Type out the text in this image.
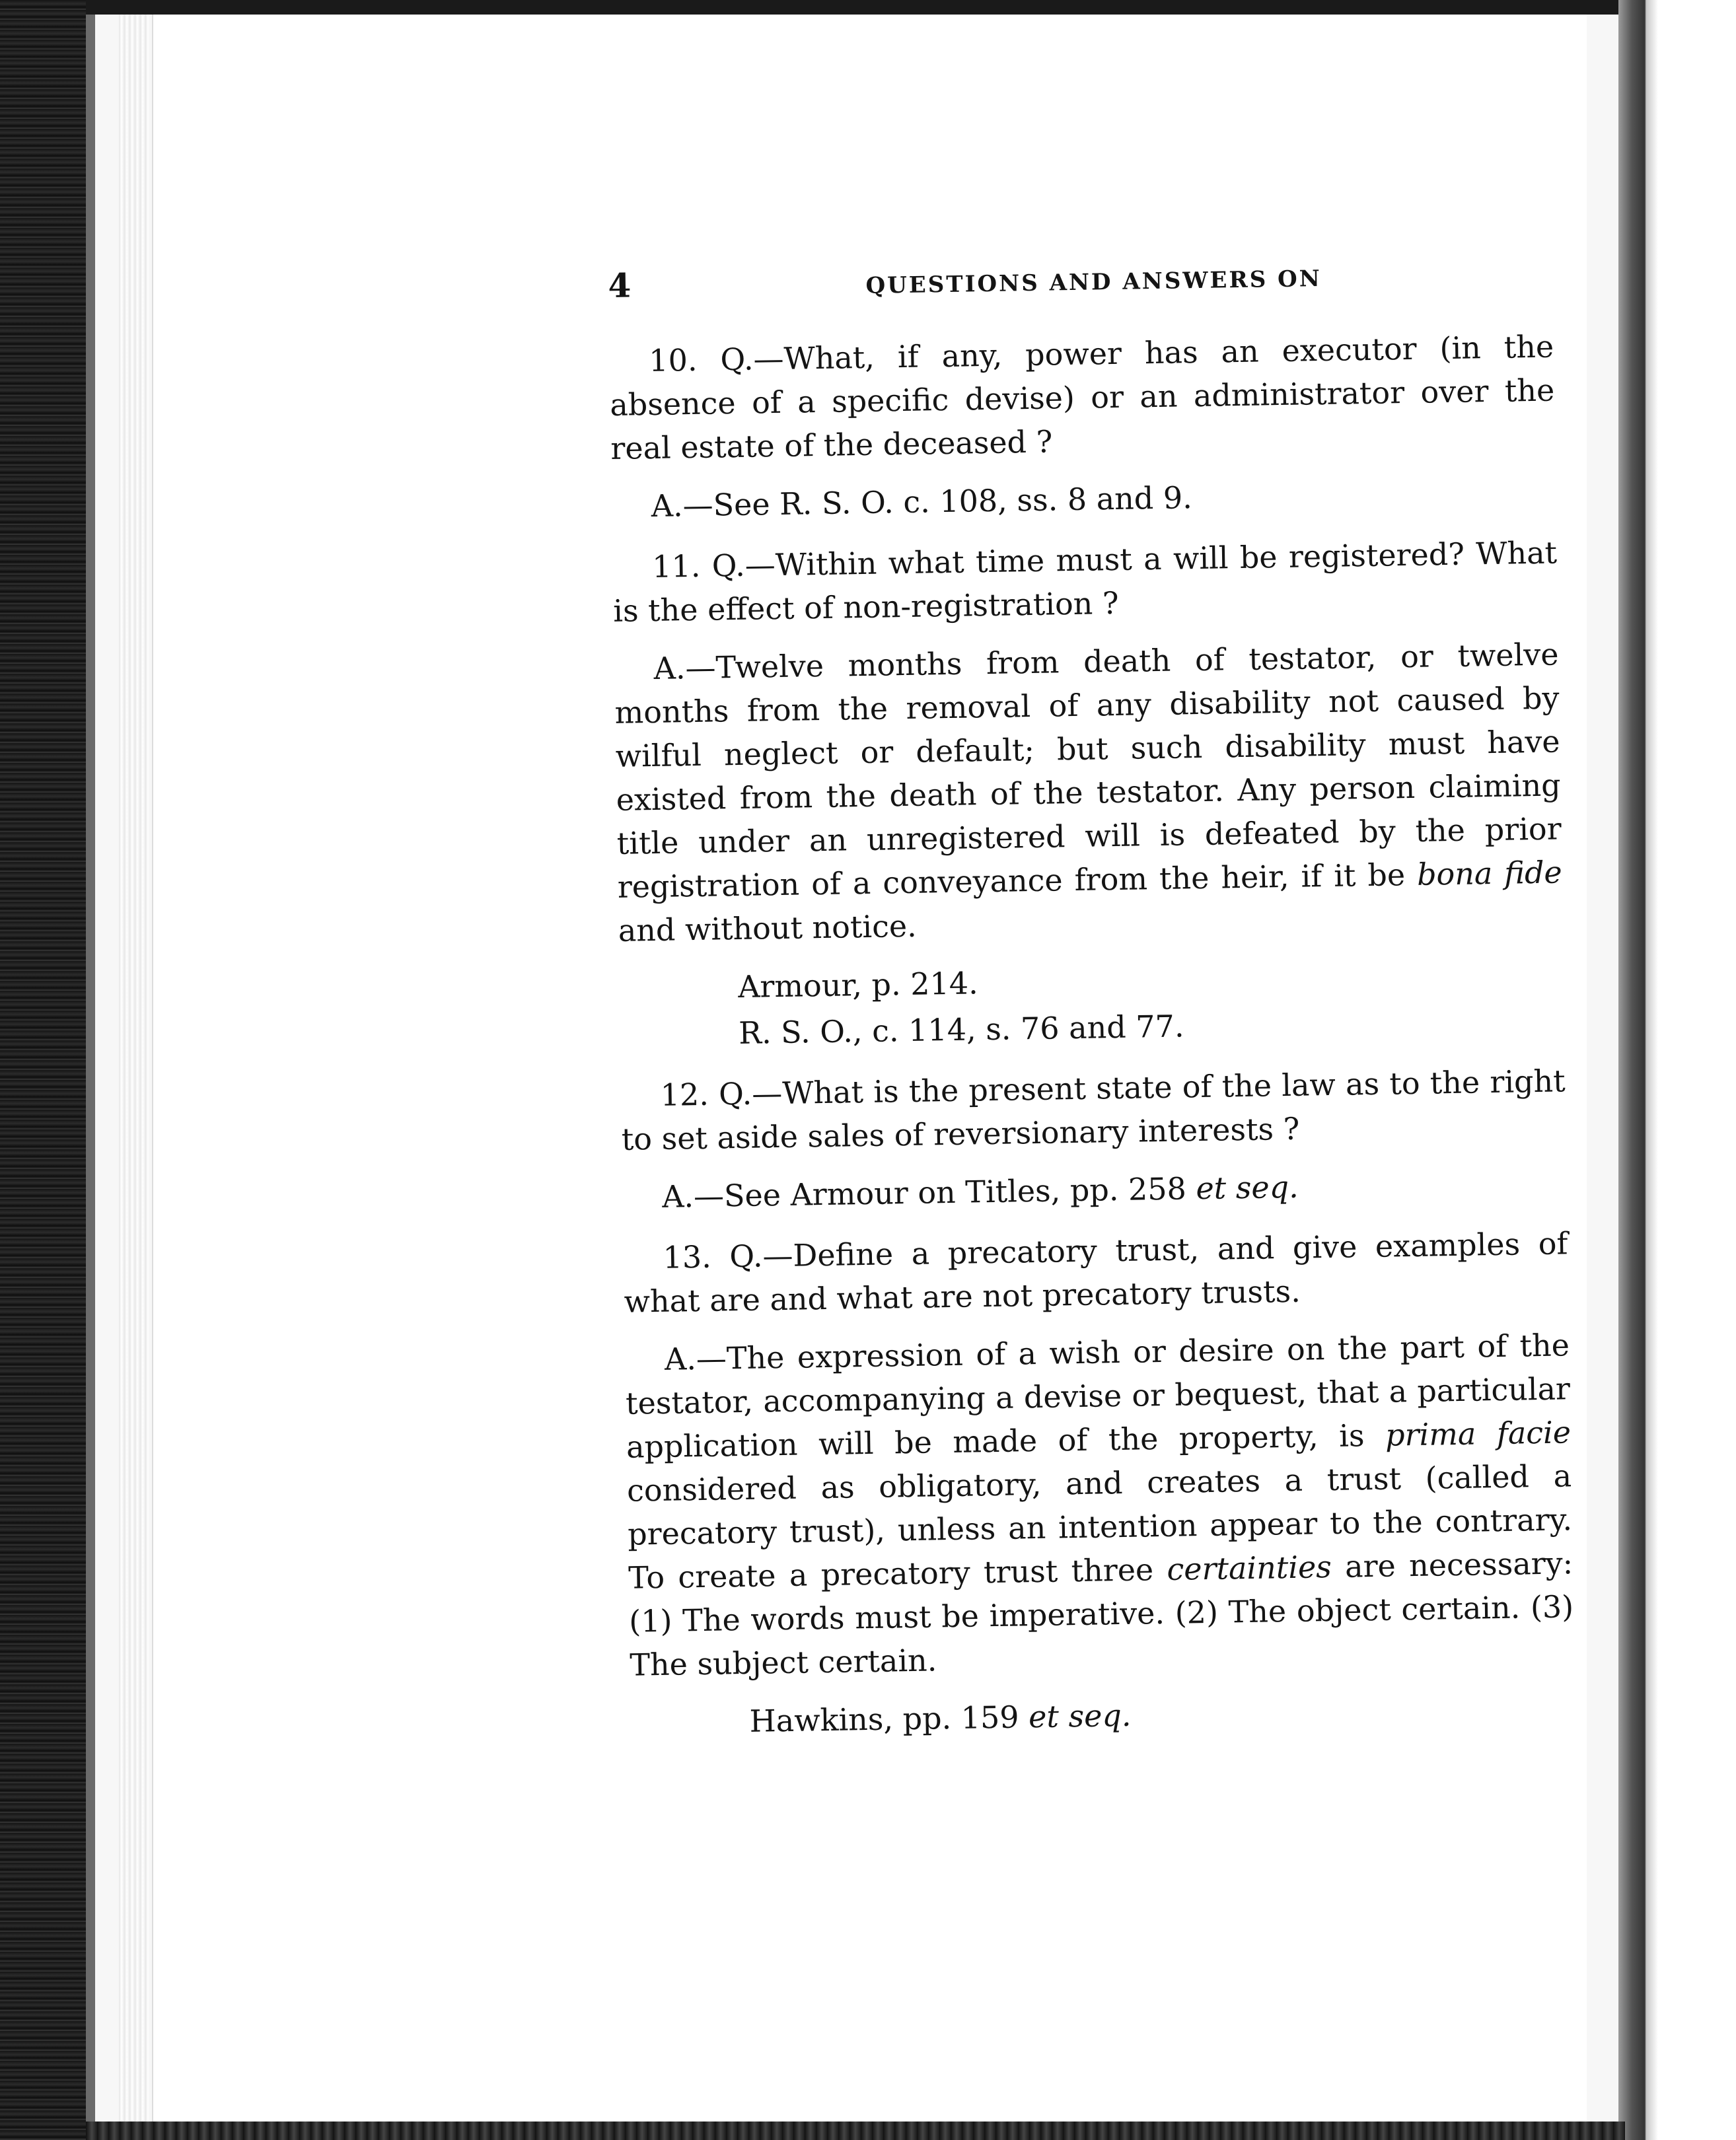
4	QUESTIONS AND ANSWERS ON

10. Q.—What, if any, power has an executor (in the absence of a specific devise) or an administrator over the real estate of the deceased ?

A.—See R. S. O. c. 108, ss. 8 and 9.

11. Q.—Within what time must a will be registered? What is the effect of non-registration ?

A.—Twelve months from death of testator, or twelve months from the removal of any disability not caused by wilful neglect or default; but such disability must have existed from the death of the testator. Any person claiming title under an unregistered will is defeated by the prior registration of a conveyance from the heir, if it be bona fide and without notice.

Armour, p. 214.
R. S. O., c. 114, s. 76 and 77.

12. Q.—What is the present state of the law as to the right to set aside sales of reversionary interests ?

A.—See Armour on Titles, pp. 258 et seq.

13. Q.—Define a precatory trust, and give examples of what are and what are not precatory trusts.

A.—The expression of a wish or desire on the part of the testator, accompanying a devise or bequest, that a particular application will be made of the property, is prima facie considered as obligatory, and creates a trust (called a precatory trust), unless an intention appear to the contrary. To create a precatory trust three certainties are necessary: (1) The words must be imperative. (2) The object certain. (3) The subject certain.

Hawkins, pp. 159 et seq.
